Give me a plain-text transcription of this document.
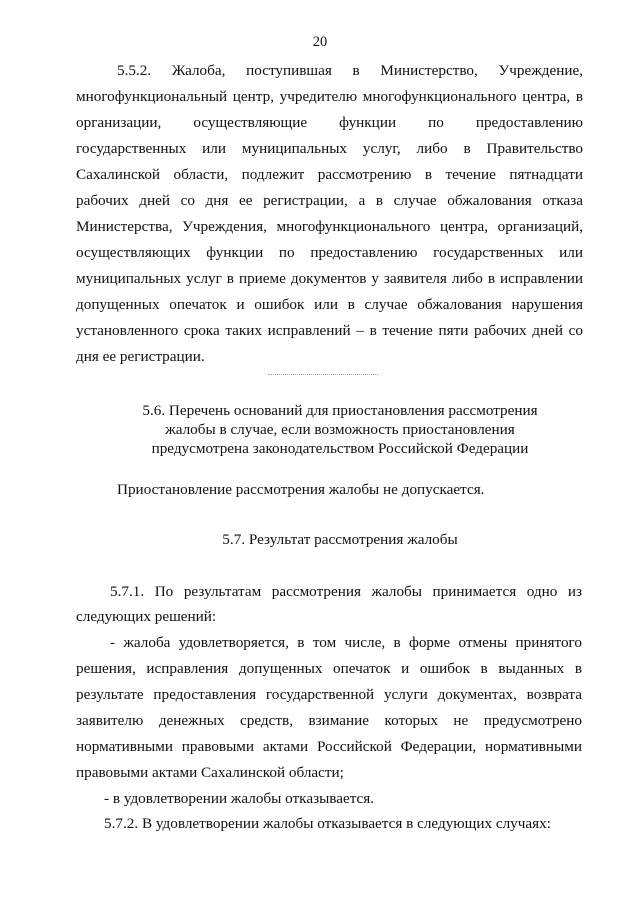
20
5.5.2. Жалоба, поступившая в Министерство, Учреждение,
многофункциональный центр, учредителю многофункционального центра, в
организации, осуществляющие функции по предоставлению
государственных или муниципальных услуг, либо в Правительство
Сахалинской области, подлежит рассмотрению в течение пятнадцати
рабочих дней со дня ее регистрации, а в случае обжалования отказа
Министерства, Учреждения, многофункционального центра, организаций,
осуществляющих функции по предоставлению государственных или
муниципальных услуг в приеме документов у заявителя либо в исправлении
допущенных опечаток и ошибок или в случае обжалования нарушения
установленного срока таких исправлений – в течение пяти рабочих дней со
дня ее регистрации.
5.6. Перечень оснований для приостановления рассмотрения
жалобы в случае, если возможность приостановления
предусмотрена законодательством Российской Федерации
Приостановление рассмотрения жалобы не допускается.
5.7. Результат рассмотрения жалобы
5.7.1. По результатам рассмотрения жалобы принимается одно из
следующих решений:
- жалоба удовлетворяется, в том числе, в форме отмены принятого
решения, исправления допущенных опечаток и ошибок в выданных в
результате предоставления государственной услуги документах, возврата
заявителю денежных средств, взимание которых не предусмотрено
нормативными правовыми актами Российской Федерации, нормативными
правовыми актами Сахалинской области;
- в удовлетворении жалобы отказывается.
5.7.2. В удовлетворении жалобы отказывается в следующих случаях:
